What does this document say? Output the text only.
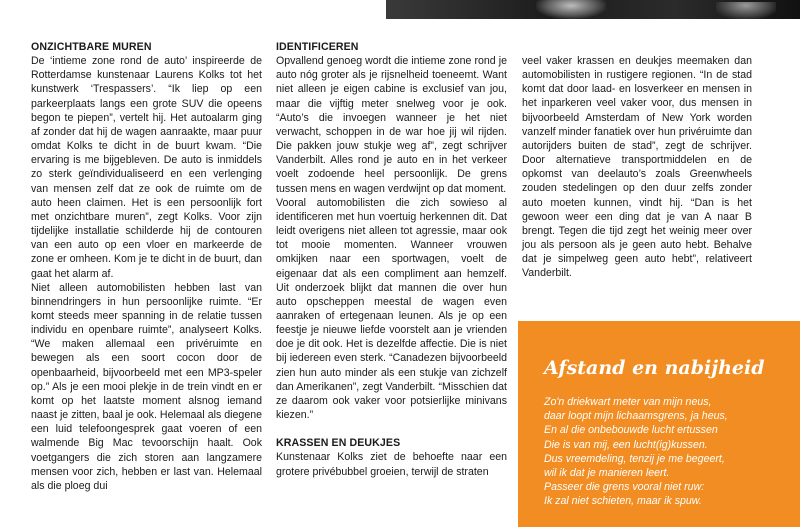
ONZICHTBARE MUREN

De ‘intieme zone rond de auto’ inspireerde de Rotterdamse kunstenaar Laurens Kolks tot het kunstwerk ‘Trespassers’. “Ik liep op een parkeerplaats langs een grote SUV die opeens begon te piepen”, vertelt hij. Het autoalarm ging af zonder dat hij de wagen aanraakte, maar puur omdat Kolks te dicht in de buurt kwam. “Die ervaring is me bijgebleven. De auto is inmiddels zo sterk geïndividualiseerd en een verlenging van mensen zelf dat ze ook de ruimte om de auto heen claimen. Het is een persoonlijk fort met onzichtbare muren”, zegt Kolks. Voor zijn tijdelijke installatie schilderde hij de contouren van een auto op een vloer en markeerde de zone er omheen. Kom je te dicht in de buurt, dan gaat het alarm af.

Niet alleen automobilisten hebben last van binnendringers in hun persoonlijke ruimte. “Er komt steeds meer spanning in de relatie tussen individu en openbare ruimte”, analyseert Kolks. “We maken allemaal een privéruimte en bewegen als een soort cocon door de openbaarheid, bijvoorbeeld met een MP3-speler op.” Als je een mooi plekje in de trein vindt en er komt op het laatste moment alsnog iemand naast je zitten, baal je ook. Helemaal als diegene een luid telefoongesprek gaat voeren of een walmende Big Mac tevoorschijn haalt. Ook voetgangers die zich storen aan langzamere mensen voor zich, hebben er last van. Helemaal als die ploeg dui

IDENTIFICEREN

Opvallend genoeg wordt die intieme zone rond je auto nóg groter als je rijsnelheid toeneemt. Want niet alleen je eigen cabine is exclusief van jou, maar die vijftig meter snelweg voor je ook. “Auto’s die invoegen wanneer je het niet verwacht, schoppen in de war hoe jij wil rijden. Die pakken jouw stukje weg af”, zegt schrijver Vanderbilt. Alles rond je auto en in het verkeer voelt zodoende heel persoonlijk. De grens tussen mens en wagen verdwijnt op dat moment.

Vooral automobilisten die zich sowieso al identificeren met hun voertuig herkennen dit. Dat leidt overigens niet alleen tot agressie, maar ook tot mooie momenten. Wanneer vrouwen omkijken naar een sportwagen, voelt de eigenaar dat als een compliment aan hemzelf. Uit onderzoek blijkt dat mannen die over hun auto opscheppen meestal de wagen even aanraken of ertegenaan leunen. Als je op een feestje je nieuwe liefde voorstelt aan je vrienden doe je dit ook. Het is dezelfde affectie. Die is niet bij iedereen even sterk. “Canadezen bijvoorbeeld zien hun auto minder als een stukje van zichzelf dan Amerikanen”, zegt Vanderbilt. “Misschien dat ze daarom ook vaker voor potsierlijke minivans kiezen.”

KRASSEN EN DEUKJES

Kunstenaar Kolks ziet de behoefte naar een grotere privébubbel groeien, terwijl de straten

veel vaker krassen en deukjes meemaken dan automobilisten in rustigere regionen. “In de stad komt dat door laad- en losverkeer en mensen in het inparkeren veel vaker voor, dus mensen in bijvoorbeeld Amsterdam of New York worden vanzelf minder fanatiek over hun privéruimte dan autorijders buiten de stad”, zegt de schrijver. Door alternatieve transportmiddelen en de opkomst van deelauto’s zoals Greenwheels zouden stedelingen op den duur zelfs zonder auto moeten kunnen, vindt hij. “Dan is het gewoon weer een ding dat je van A naar B brengt. Tegen die tijd zegt het weinig meer over jou als persoon als je geen auto hebt. Behalve dat je simpelweg geen auto hebt”, relativeert Vanderbilt.

Afstand en nabijheid
Zo'n driekwart meter van mijn neus,
daar loopt mijn lichaamsgrens, ja heus,
En al die onbebouwde lucht ertussen
Die is van mij, een lucht(ig)kussen.
Dus vreemdeling, tenzij je me begeert,
wil ik dat je manieren leert.
Passeer die grens vooral niet ruw:
Ik zal niet schieten, maar ik spuw.
